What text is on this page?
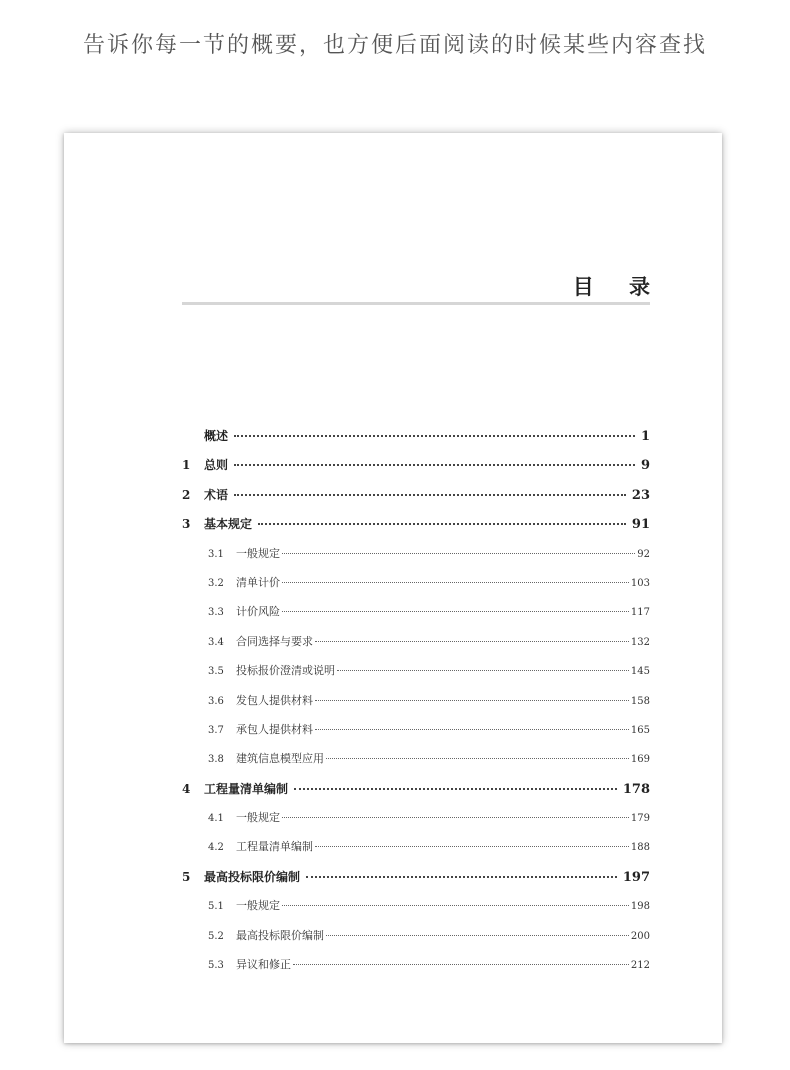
告诉你每一节的概要，也方便后面阅读的时候某些内容查找
目 录
概述	1
1	总则	9
2	术语	23
3	基本规定	91
3.1	一般规定	92
3.2	清单计价	103
3.3	计价风险	117
3.4	合同选择与要求	132
3.5	投标报价澄清或说明	145
3.6	发包人提供材料	158
3.7	承包人提供材料	165
3.8	建筑信息模型应用	169
4	工程量清单编制	178
4.1	一般规定	179
4.2	工程量清单编制	188
5	最高投标限价编制	197
5.1	一般规定	198
5.2	最高投标限价编制	200
5.3	异议和修正	212
